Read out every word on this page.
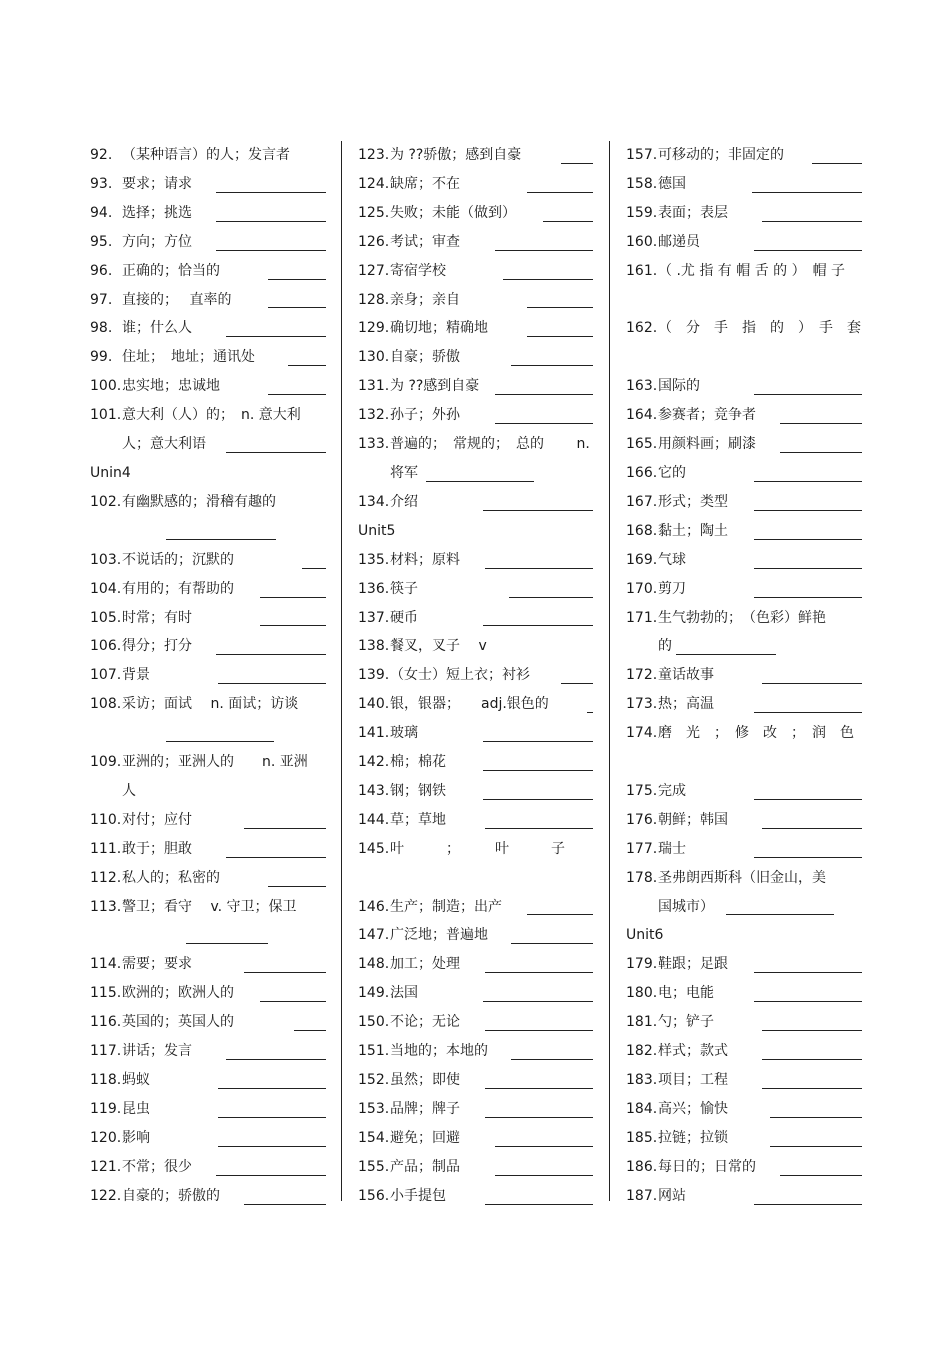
92. （某种语言）的人；发言者
93. 要求；请求
94. 选择；挑选
95. 方向；方位
96. 正确的；恰当的
97. 直接的；　 直率的
98. 谁；什么人
99. 住址；　地址；通讯处
100.忠实地；忠诚地
101.意大利（人）的；　n. 意大利
人；意大利语
Unin4
102.有幽默感的；滑稽有趣的

103.不说话的；沉默的
104.有用的；有帮助的
105.时常；有时
106.得分；打分
107.背景
108.采访；面试　 n. 面试；访谈

109.亚洲的；亚洲人的　　n. 亚洲
人
110.对付；应付
111.敢于；胆敢
112.私人的；私密的
113.警卫；看守　 v. 守卫；保卫

114.需要；要求
115.欧洲的；欧洲人的
116.英国的；英国人的
117.讲话；发言
118.蚂蚁
119.昆虫
120.影响
121.不常；很少
122.自豪的；骄傲的
123.为 ??骄傲；感到自豪
124.缺席；不在
125.失败；未能（做到）
126.考试；审查
127.寄宿学校
128.亲身；亲自
129.确切地；精确地
130.自豪；骄傲
131.为 ??感到自豪
132.孙子；外孙
133.普遍的；　常规的；　总的　　 n.
将军
134.介绍
Unit5
135.材料；原料
136.筷子
137.硬币
138.餐叉，叉子　 v
139.（女士）短上衣；衬衫
140.银，银器；　　adj.银色的
141.玻璃
142.棉；棉花
143.钢；钢铁
144.草；草地
145.叶　　　；　　　叶　　　子

146.生产；制造；出产
147.广泛地；普遍地
148.加工；处理
149.法国
150.不论；无论
151.当地的；本地的
152.虽然；即使
153.品牌；牌子
154.避免；回避
155.产品；制品
156.小手提包
157.可移动的；非固定的
158.德国
159.表面；表层
160.邮递员
161.（ .尤 指 有 帽 舌 的 ）　帽 子

162.（　分　手　指　的　）　手　套

163.国际的
164.参赛者；竞争者
165.用颜料画；刷漆
166.它的
167.形式；类型
168.黏土；陶土
169.气球
170.剪刀
171.生气勃勃的；　（色彩）鲜艳
的
172.童话故事
173.热；高温
174.磨　光　；　修　改　；　润　色

175.完成
176.朝鲜；韩国
177.瑞士
178.圣弗朗西斯科（旧金山，美
国城市）
Unit6
179.鞋跟；足跟
180.电；电能
181.勺；铲子
182.样式；款式
183.项目；工程
184.高兴；愉快
185.拉链；拉锁
186.每日的；日常的
187.网站
